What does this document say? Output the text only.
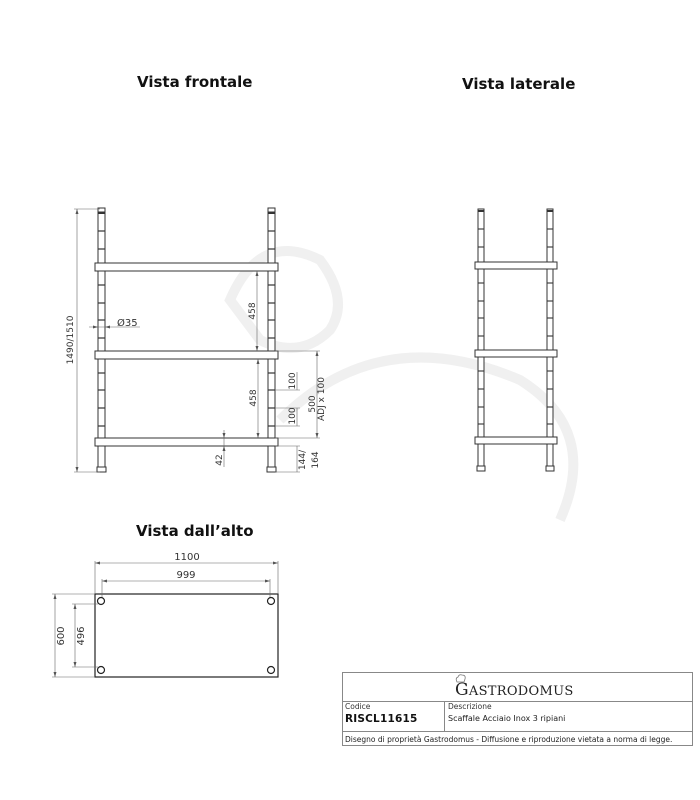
Vista frontale	Vista laterale
Vista dall’alto
1490/1510	Ø35
458
458
100
100
500 ADJ x 100
144/ 164
42
1100
999
600 496
GASTRODOMUS
Codice
RISCL11615
Descrizione
Scaffale Acciaio Inox 3 ripiani
Disegno di proprietà Gastrodomus - Diffusione e riproduzione vietata a norma di legge.
